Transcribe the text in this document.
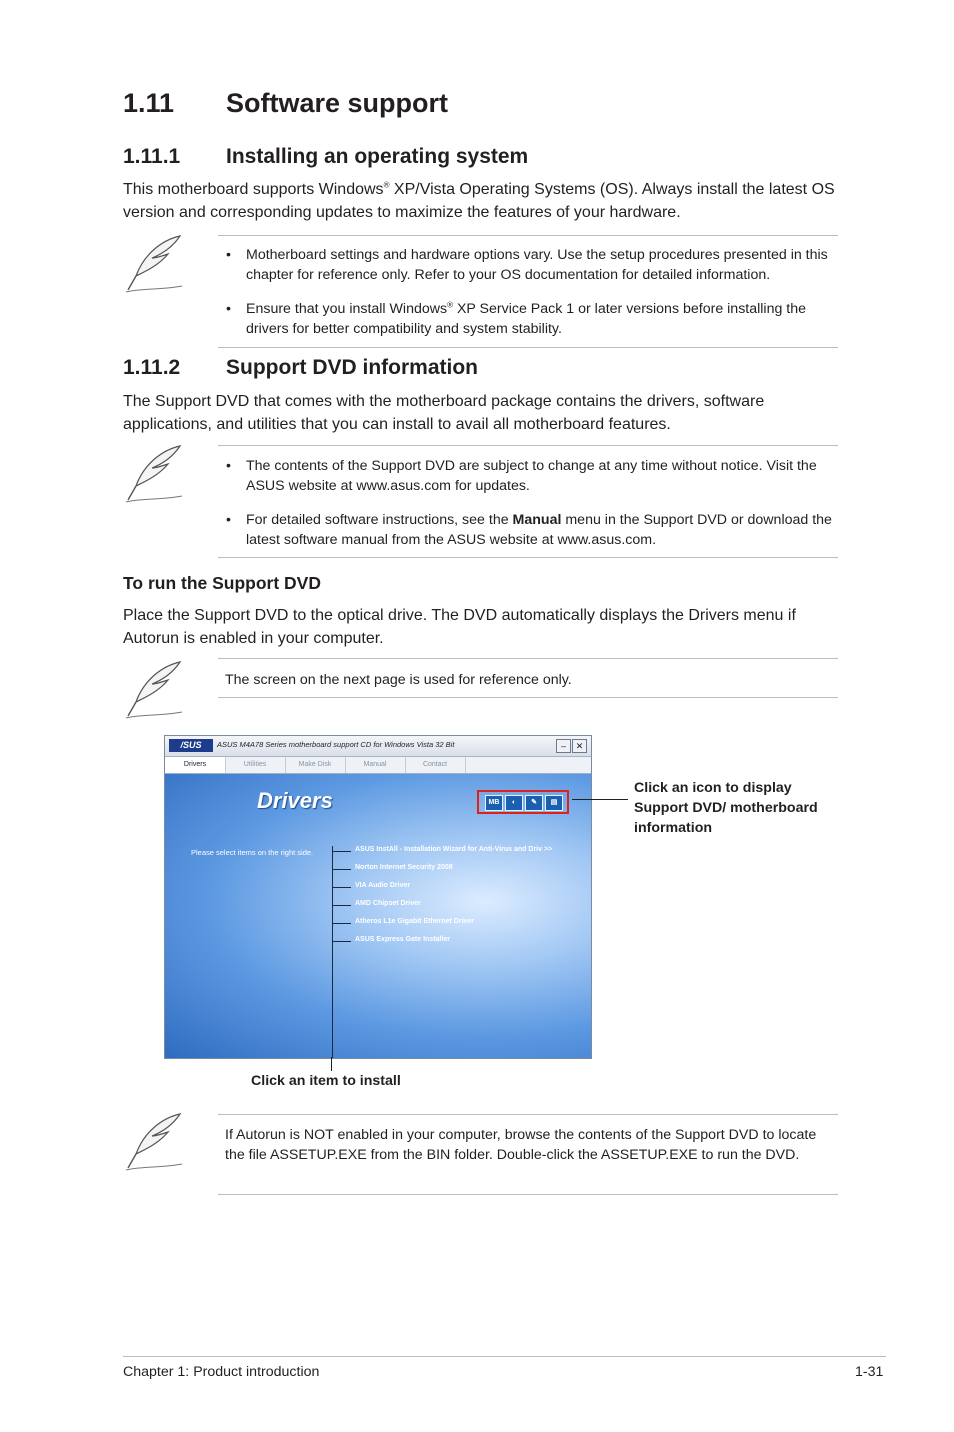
1.11 Software support
1.11.1 Installing an operating system
This motherboard supports Windows® XP/Vista Operating Systems (OS). Always install the latest OS version and corresponding updates to maximize the features of your hardware.
• Motherboard settings and hardware options vary. Use the setup procedures presented in this chapter for reference only. Refer to your OS documentation for detailed information.
• Ensure that you install Windows® XP Service Pack 1 or later versions before installing the drivers for better compatibility and system stability.
1.11.2 Support DVD information
The Support DVD that comes with the motherboard package contains the drivers, software applications, and utilities that you can install to avail all motherboard features.
• The contents of the Support DVD are subject to change at any time without notice. Visit the ASUS website at www.asus.com for updates.
• For detailed software instructions, see the Manual menu in the Support DVD or download the latest software manual from the ASUS website at www.asus.com.
To run the Support DVD
Place the Support DVD to the optical drive. The DVD automatically displays the Drivers menu if Autorun is enabled in your computer.
The screen on the next page is used for reference only.
/SUS	ASUS M4A78 Series motherboard support CD for Windows Vista 32 Bit	–	✕
Drivers	Utilities	Make Disk	Manual	Contact
Drivers
Please select items on the right side.
MB	◐	✎	▤
ASUS InstAll - Installation Wizard for Anti-Virus and Driv >>
Norton Internet Security 2008
VIA Audio Driver
AMD Chipset Driver
Atheros L1e Gigabit Ethernet Driver
ASUS Express Gate Installer
Click an icon to display Support DVD/ motherboard information
Click an item to install
If Autorun is NOT enabled in your computer, browse the contents of the Support DVD to locate the file ASSETUP.EXE from the BIN folder. Double-click the ASSETUP.EXE to run the DVD.
Chapter 1: Product introduction	1-31
